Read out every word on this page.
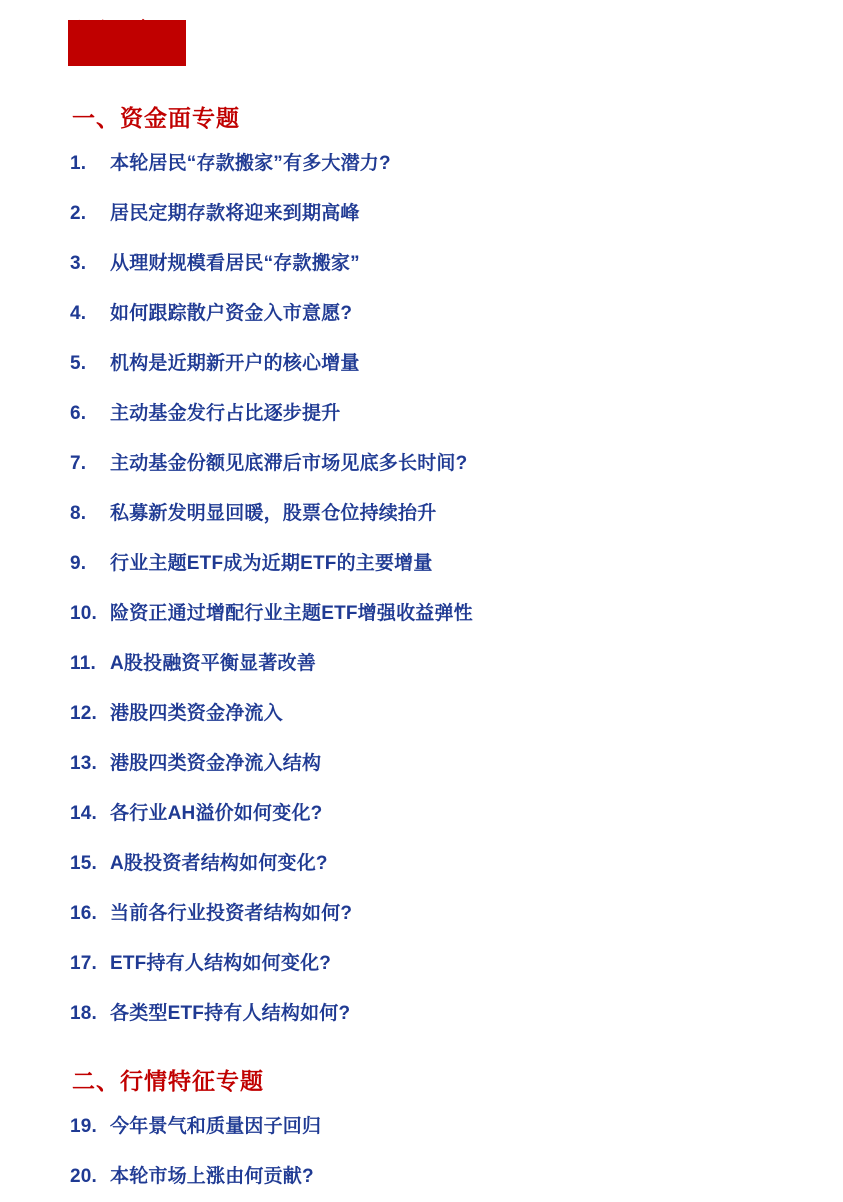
目录
一、资金面专题
1.	本轮居民“存款搬家”有多大潜力?
2.	居民定期存款将迎来到期高峰
3.	从理财规模看居民“存款搬家”
4.	如何跟踪散户资金入市意愿?
5.	机构是近期新开户的核心增量
6.	主动基金发行占比逐步提升
7.	主动基金份额见底滞后市场见底多长时间?
8.	私募新发明显回暖，股票仓位持续抬升
9.	行业主题ETF成为近期ETF的主要增量
10. 险资正通过增配行业主题ETF增强收益弹性
11. A股投融资平衡显著改善
12. 港股四类资金净流入
13. 港股四类资金净流入结构
14. 各行业AH溢价如何变化?
15. A股投资者结构如何变化?
16. 当前各行业投资者结构如何?
17. ETF持有人结构如何变化?
18. 各类型ETF持有人结构如何?
二、行情特征专题
19. 今年景气和质量因子回归
20. 本轮市场上涨由何贡献?
